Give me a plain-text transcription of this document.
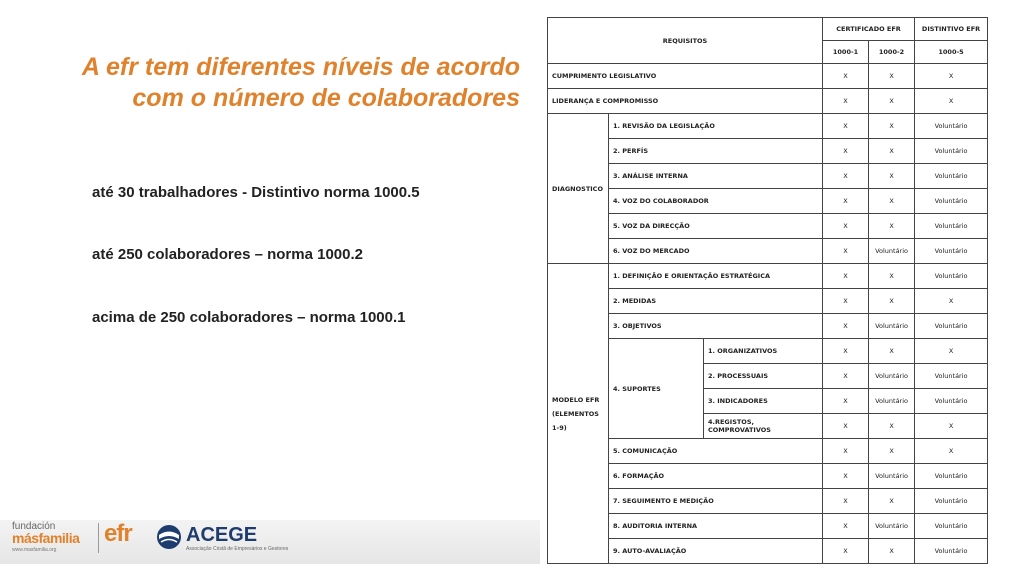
A efr tem diferentes níveis de acordo
com o número de colaboradores
até 30 trabalhadores - Distintivo norma 1000.5
até 250 colaboradores – norma 1000.2
acima de 250 colaboradores – norma 1000.1
fundación
másfamilia
www.masfamilia.org
efr	ACEGE
Associação Cristã de Empresários e Gestores
REQUISITOS			CERTIFICADO EFR		DISTINTIVO EFR
			1000-1	1000-2	1000-5
CUMPRIMENTO LEGISLATIVO			X	X	X
LIDERANÇA E COMPROMISSO			X	X	X
DIAGNOSTICO	1. REVISÃO DA LEGISLAÇÃO		X	X	Voluntário
	2. PERFÍS		X	X	Voluntário
	3. ANÁLISE INTERNA		X	X	Voluntário
	4. VOZ DO COLABORADOR		X	X	Voluntário
	5. VOZ DA DIRECÇÃO		X	X	Voluntário
	6. VOZ DO MERCADO		X	Voluntário	Voluntário
MODELO EFR (ELEMENTOS 1-9)	1. DEFINIÇÃO E ORIENTAÇÃO ESTRATÉGICA		X	X	Voluntário
	2. MEDIDAS		X	X	X
	3. OBJETIVOS		X	Voluntário	Voluntário
	4. SUPORTES	1. ORGANIZATIVOS	X	X	X
		2. PROCESSUAIS	X	Voluntário	Voluntário
		3. INDICADORES	X	Voluntário	Voluntário
		4.REGISTOS, COMPROVATIVOS	X	X	X
	5. COMUNICAÇÃO		X	X	X
	6. FORMAÇÃO		X	Voluntário	Voluntário
	7. SEGUIMENTO E MEDIÇÃO		X	X	Voluntário
	8. AUDITORIA INTERNA		X	Voluntário	Voluntário
	9. AUTO-AVALIAÇÃO		X	X	Voluntário
